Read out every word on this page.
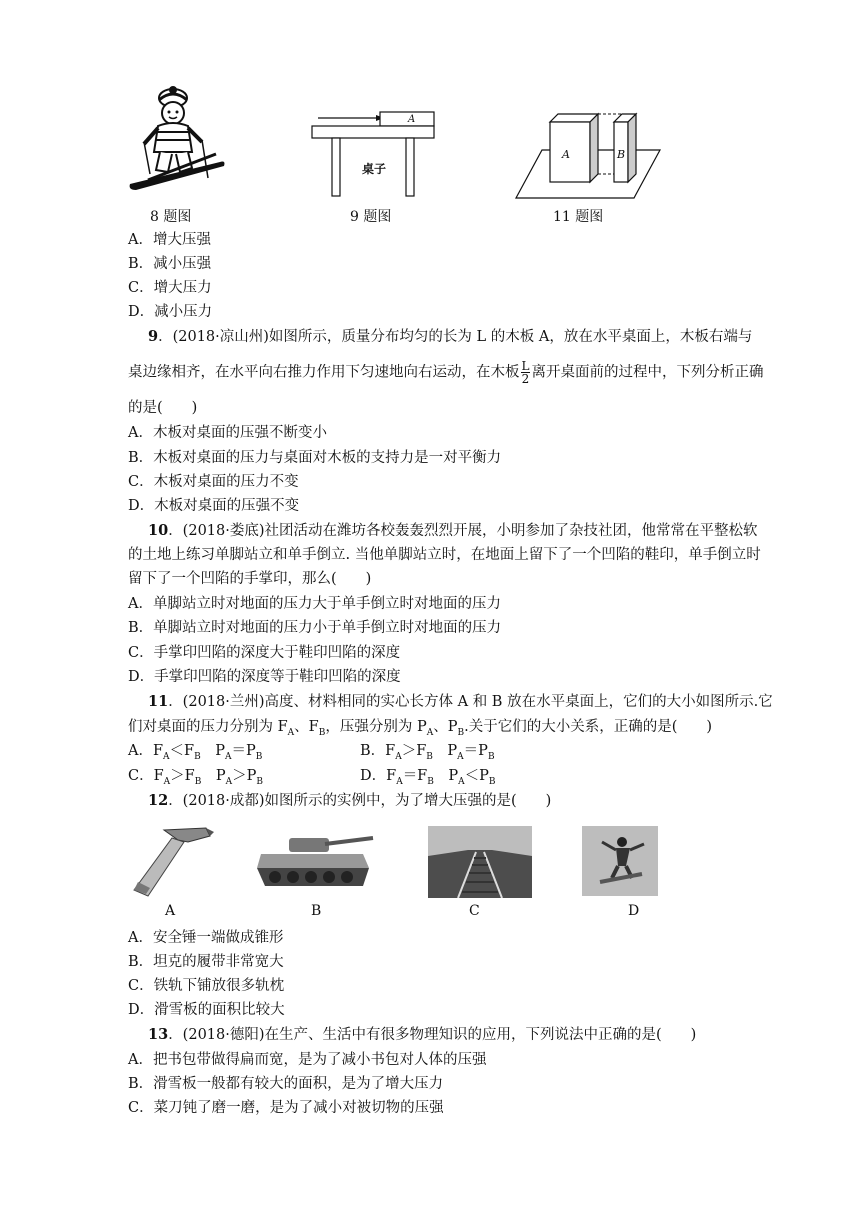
A
桌子
A	B
8 题图	9 题图	11 题图
A．增大压强
B．减小压强
C．增大压力
D．减小压力
9．(2018·凉山州)如图所示，质量分布均匀的长为 L 的木板 A，放在水平桌面上，木板右端与
桌边缘相齐，在水平向右推力作用下匀速地向右运动，在木板 $\frac{L}{2}$ 离开桌面前的过程中，下列分析正确
的是(　　)
A．木板对桌面的压强不断变小
B．木板对桌面的压力与桌面对木板的支持力是一对平衡力
C．木板对桌面的压力不变
D．木板对桌面的压强不变
10．(2018·娄底)社团活动在潍坊各校轰轰烈烈开展，小明参加了杂技社团，他常常在平整松软
的土地上练习单脚站立和单手倒立. 当他单脚站立时，在地面上留下了一个凹陷的鞋印，单手倒立时
留下了一个凹陷的手掌印，那么(　　)
A．单脚站立时对地面的压力大于单手倒立时对地面的压力
B．单脚站立时对地面的压力小于单手倒立时对地面的压力
C．手掌印凹陷的深度大于鞋印凹陷的深度
D．手掌印凹陷的深度等于鞋印凹陷的深度
11．(2018·兰州)高度、材料相同的实心长方体 A 和 B 放在水平桌面上，它们的大小如图所示.它
们对桌面的压力分别为 $F_A$、$F_B$，压强分别为 $P_A$、$P_B$.关于它们的大小关系，正确的是(　　)
A．$F_A<F_B$　$P_A=P_B$	B．$F_A>F_B$　$P_A=P_B$
C．$F_A>F_B$　$P_A>P_B$	D．$F_A=F_B$　$P_A<P_B$
12．(2018·成都)如图所示的实例中，为了增大压强的是(　　)
A	B	C	D
A．安全锤一端做成锥形
B．坦克的履带非常宽大
C．铁轨下铺放很多轨枕
D．滑雪板的面积比较大
13．(2018·德阳)在生产、生活中有很多物理知识的应用，下列说法中正确的是(　　)
A．把书包带做得扁而宽，是为了减小书包对人体的压强
B．滑雪板一般都有较大的面积，是为了增大压力
C．菜刀钝了磨一磨，是为了减小对被切物的压强
